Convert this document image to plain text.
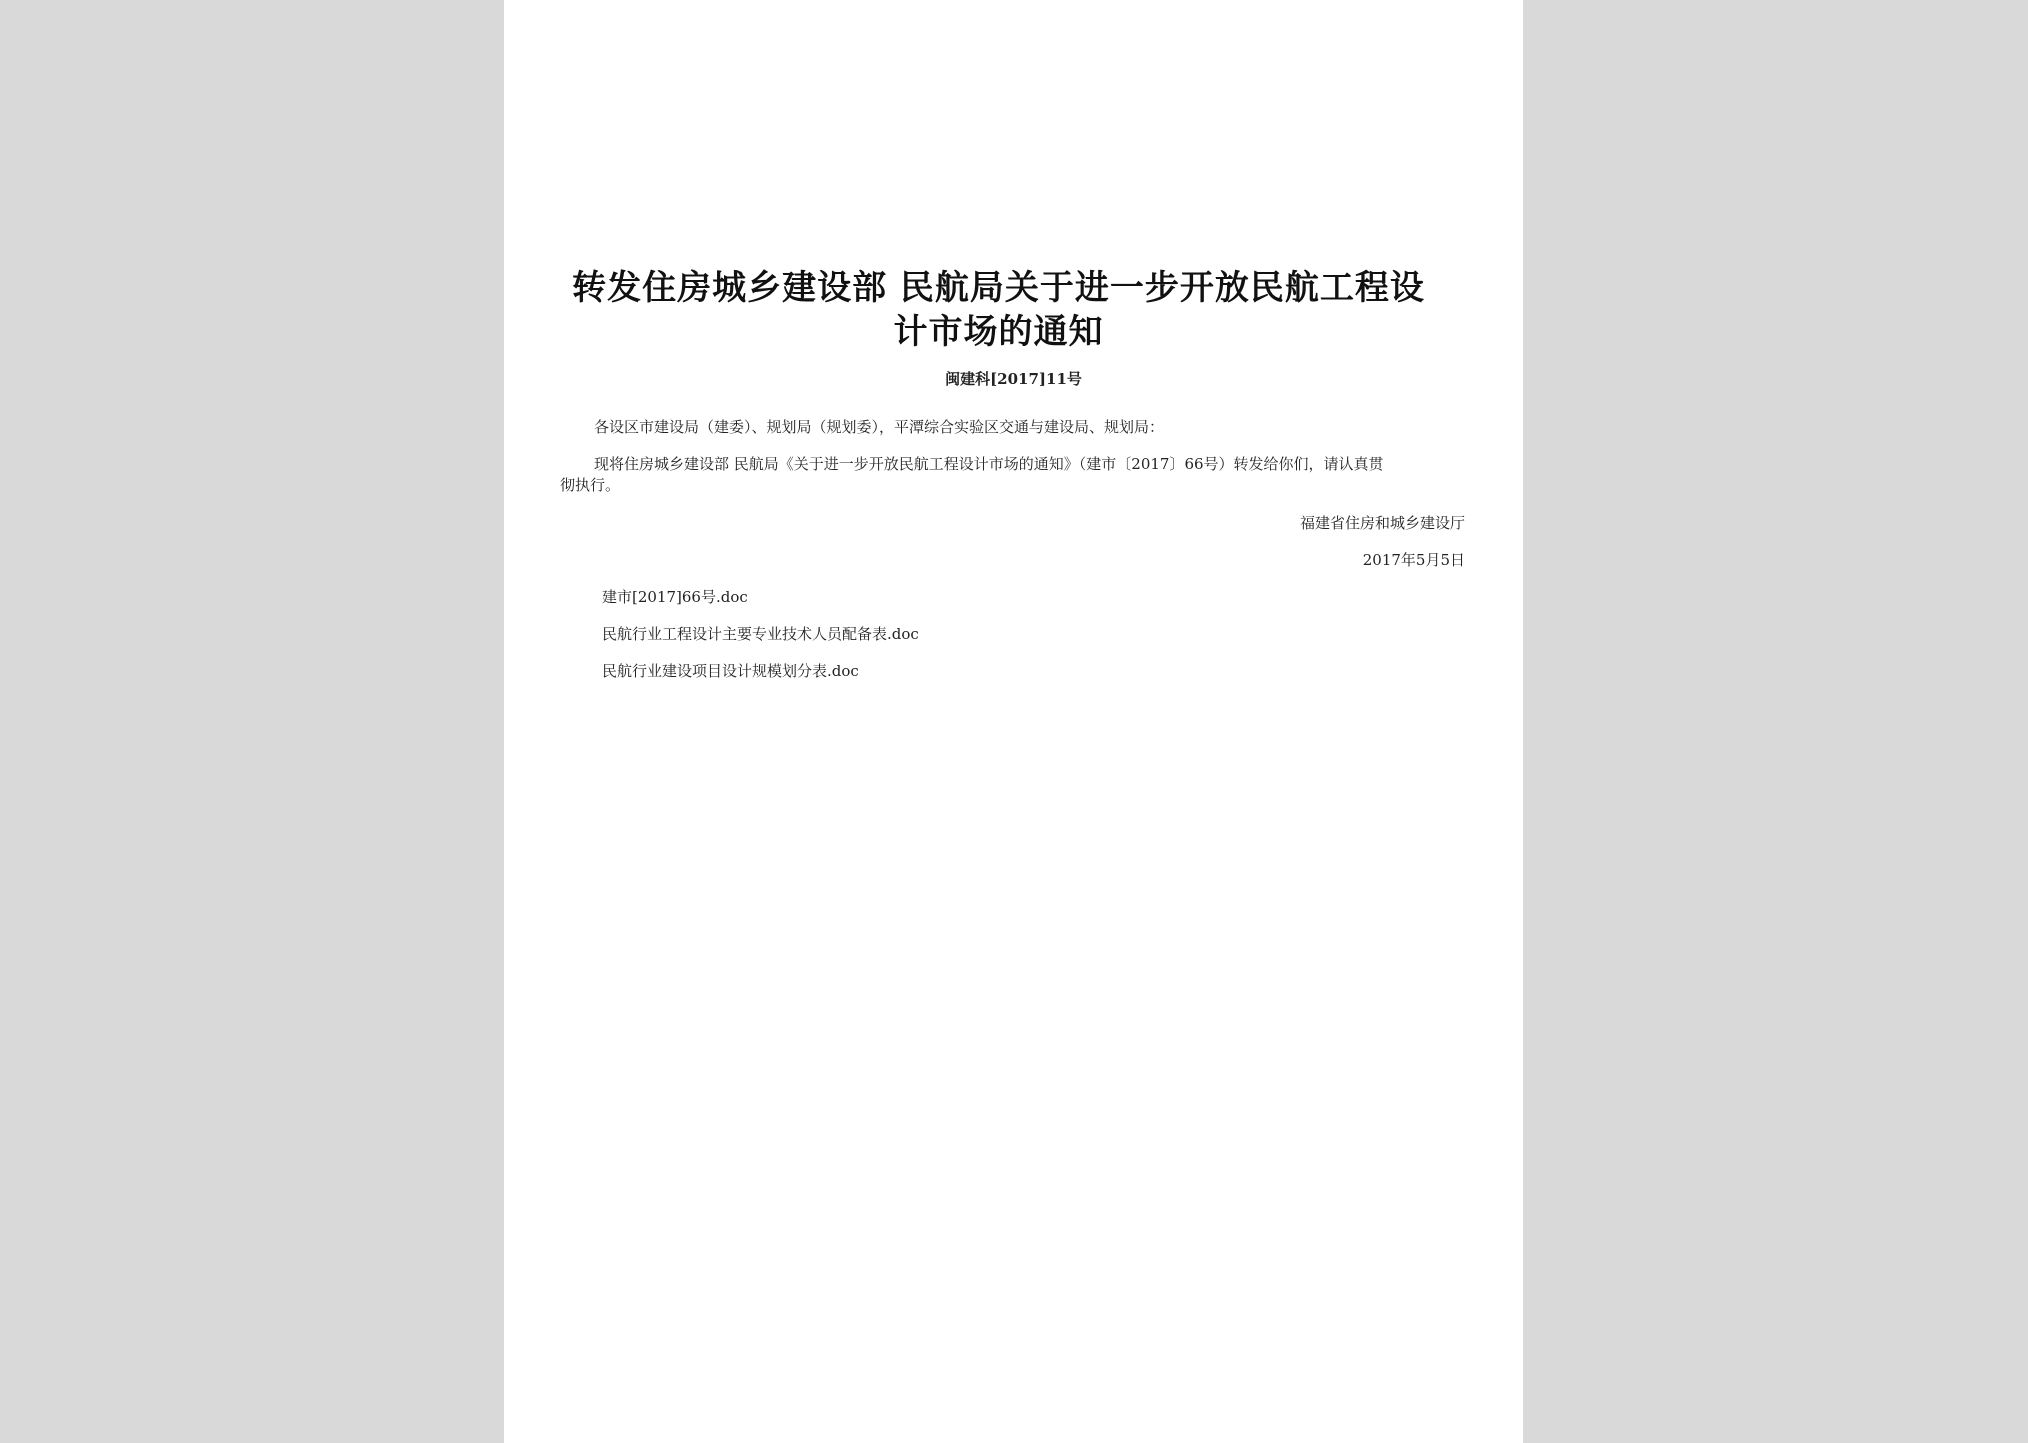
转发住房城乡建设部 民航局关于进一步开放民航工程设
计市场的通知
闽建科[2017]11号
各设区市建设局（建委）、规划局（规划委），平潭综合实验区交通与建设局、规划局：
现将住房城乡建设部 民航局《关于进一步开放民航工程设计市场的通知》（建市〔2017〕66号）转发给你们，请认真贯
彻执行。
福建省住房和城乡建设厅
2017年5月5日
建市[2017]66号.doc
民航行业工程设计主要专业技术人员配备表.doc
民航行业建设项目设计规模划分表.doc
